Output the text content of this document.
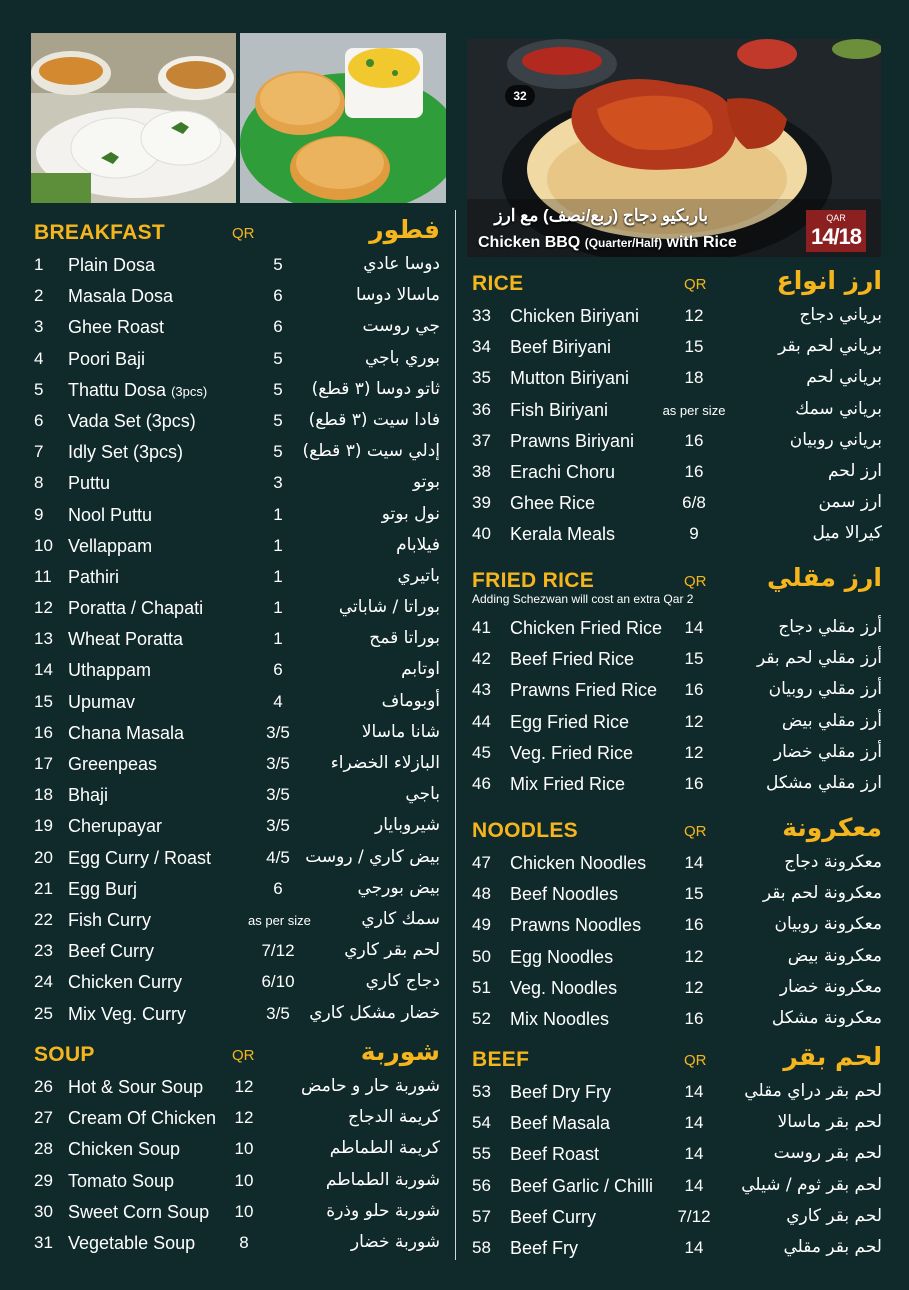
32
باربكيو دجاج (ربع/نصف) مع ارز
Chicken BBQ (Quarter/Half) with Rice
QAR
14/18
BREAKFAST	QR	فطور
1 Plain Dosa	5	دوسا عادي
2 Masala Dosa	6	ماسالا دوسا
3 Ghee Roast	6	جي روست
4 Poori Baji	5	بوري باجي
5 Thattu Dosa (3pcs)	5	ثاتو دوسا (٣ قطع)
6 Vada Set (3pcs)	5	فادا سيت (٣ قطع)
7 Idly Set (3pcs)	5	إدلي سيت (٣ قطع)
8 Puttu	3	بوتو
9 Nool Puttu	1	نول بوتو
10 Vellappam	1	فيلابام
11 Pathiri	1	باتيري
12 Poratta / Chapati	1	بوراتا / شاباتي
13 Wheat Poratta	1	بوراتا قمح
14 Uthappam	6	اوتابم
15 Upumav	4	أوبوماف
16 Chana Masala	3/5	شانا ماسالا
17 Greenpeas	3/5	البازلاء الخضراء
18 Bhaji	3/5	باجي
19 Cherupayar	3/5	شيروبايار
20 Egg Curry / Roast	4/5 بيض كاري / روست
21 Egg Burj	6	بيض بورجي
22 Fish Curry	as per size	سمك كاري
23 Beef Curry	7/12	لحم بقر كاري
24 Chicken Curry	6/10	دجاج كاري
25 Mix Veg. Curry	3/5	خضار مشكل كاري
SOUP	QR	شوربة
26 Hot & Sour Soup	12	شوربة حار و حامض
27 Cream Of Chicken	12	كريمة الدجاج
28 Chicken Soup	10	كريمة الطماطم
29 Tomato Soup	10	شوربة الطماطم
30 Sweet Corn Soup	10	شوربة حلو وذرة
31 Vegetable Soup	8	شوربة خضار
RICE	QR	ارز انواع
33 Chicken Biriyani	12	برياني دجاج
34 Beef Biriyani	15	برياني لحم بقر
35 Mutton Biriyani	18	برياني لحم
36 Fish Biriyani	as per size	برياني سمك
37 Prawns Biriyani	16	برياني روبيان
38 Erachi Choru	16	ارز لحم
39 Ghee Rice	6/8	ارز سمن
40 Kerala Meals	9	كيرالا ميل
FRIED RICE	QR ارز مقلي
Adding Schezwan will cost an extra Qar 2
41 Chicken Fried Rice	14	أرز مقلي دجاج
42 Beef Fried Rice	15	أرز مقلي لحم بقر
43 Prawns Fried Rice	16	أرز مقلي روبيان
44 Egg Fried Rice	12	أرز مقلي بيض
45 Veg. Fried Rice	12	أرز مقلي خضار
46 Mix Fried Rice	16	ارز مقلي مشكل
NOODLES	QR	معكرونة
47 Chicken Noodles	14	معكرونة دجاج
48 Beef Noodles	15	معكرونة لحم بقر
49 Prawns Noodles	16	معكرونة روبيان
50 Egg Noodles	12	معكرونة بيض
51 Veg. Noodles	12	معكرونة خضار
52 Mix Noodles	16	معكرونة مشكل
BEEF	QR	لحم بقر
53 Beef Dry Fry	14	لحم بقر دراي مقلي
54 Beef Masala	14	لحم بقر ماسالا
55 Beef Roast	14	لحم بقر روست
56 Beef Garlic / Chilli	14	لحم بقر ثوم / شيلي
57 Beef Curry	7/12	لحم بقر كاري
58 Beef Fry	14	لحم بقر مقلي
